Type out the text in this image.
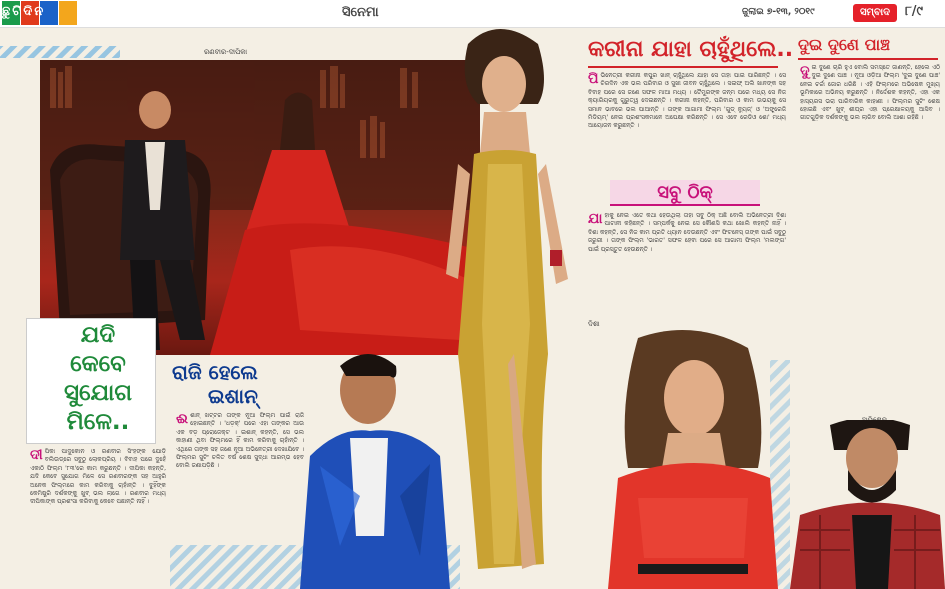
ଛୁଟିଦିନ	ସିନେମା	ଜୁଲାଇ ୭-୧୩, ୨୦୧୯	ସମ୍ବାଦ	୮/୯
ରଣବୀର-ଦୀପିକା
ଯଦି
କେବେ
ସୁଯୋଗ
ମିଳେ..
ଦୀପିକା ପାଦୁକୋନ ଓ ରଣବୀର ସିଂହଙ୍କ ଯୋଡ଼ି ବଲିଉଡ୍‌ରେ ସବୁଠୁ ଲୋକପ୍ରିୟ । ବିବାହ ପରେ ଦୁହେଁ ଏକାଠି ଫିଲ୍ମ '୮୩'ରେ କାମ କରୁଛନ୍ତି । ଦୀପିକା କହନ୍ତି, ଯଦି କେବେ ସୁଯୋଗ ମିଳେ ସେ ରଣବୀରଙ୍କ ସହ ଆହୁରି ଅନେକ ଫିଲ୍ମରେ କାମ କରିବାକୁ ଚାହାଁନ୍ତି । ଦୁହିଁଙ୍କ କେମିଷ୍ଟ୍ରି ଦର୍ଶକଙ୍କୁ ଖୁବ୍ ଭଲ ଲାଗେ । ରଣବୀର ମଧ୍ୟ ଦୀପିକାଙ୍କ ପ୍ରଶଂସା କରିବାକୁ କେବେ ପଛାନ୍ତି ନାହିଁ ।
ରାଜି ହେଲେ
ଇଶାନ୍
ଈଶାନ୍ ଖଟ୍ଟର ତାଙ୍କ ନୂଆ ଫିଲ୍ମ ପାଇଁ ରାଜି ହୋଇଛନ୍ତି । 'ଧଡ଼କ୍' ପରେ ଏହା ତାଙ୍କର ଆଉ ଏକ ବଡ଼ ପ୍ରୋଜେକ୍ଟ । ଇଶାନ୍ କହନ୍ତି, ସେ ଭଲ କାହାଣୀ ଥିବା ଫିଲ୍ମରେ ହିଁ କାମ କରିବାକୁ ଚାହାଁନ୍ତି । ଏଥିରେ ତାଙ୍କ ସହ ଜଣେ ନୂଆ ଅଭିନେତ୍ରୀ ଦେଖାଯିବେ । ଫିଲ୍ମର ସୁଟିଂ ଚଳିତ ବର୍ଷ ଶେଷ ସୁଦ୍ଧା ଆରମ୍ଭ ହେବ ବୋଲି ଜଣାପଡ଼ିଛି ।
କରୀନା ଯାହା ଚାହୁଁଥିଲେ..
ପିଭିନେତ୍ରୀ କରୀନା କପୁର ଖାନ୍ ଚାହୁଁଥିଲେ ଯାହା ସେ ତାହା ପାଇ ପାରିଛନ୍ତି । ସେ ଚିରଦିନ ଏକ ଭଲ ପରିବାର ଓ ସୁଖୀ ଜୀବନ ଚାହୁଁଥିଲେ । ସଇଫ୍ ଅଲି ଖାନଙ୍କ ସହ ବିବାହ ପରେ ସେ ଜଣେ ସଫଳ ମାଆ ମଧ୍ୟ । ତୈମୁରଙ୍କ ଜନ୍ମ ପରେ ମଧ୍ୟ ସେ ନିଜ କ୍ୟାରିୟରକୁ ଗୁରୁତ୍ୱ ଦେଇଛନ୍ତି । କରୀନା କହନ୍ତି, ପରିବାର ଓ କାମ ଉଭୟକୁ ସେ ସମାନ ଭାବରେ ଭଲ ପାଆନ୍ତି । ତାଙ୍କ ଆଗାମୀ ଫିଲ୍ମ 'ଗୁଡ୍ ନ୍ୟୁଜ୍' ଓ 'ଅଙ୍ଗ୍ରେଜି ମିଡିୟମ୍' ନେଇ ପ୍ରଶଂସକମାନେ ଅପେକ୍ଷା କରିଛନ୍ତି । ସେ ଏବେ ରେଡିଓ ଶୋ' ମଧ୍ୟ ଆୟୋଜନ କରୁଛନ୍ତି ।
ସବୁ ଠିକ୍
ଯାହାକୁ ନେଇ ଏତେ କଥା ହେଉଥିଲା ତାହା ସବୁ ଠିକ୍ ଅଛି ବୋଲି ଅଭିନେତ୍ରୀ ଦିଶା ପାଟାନୀ କହିଛନ୍ତି । ସମ୍ପର୍କକୁ ନେଇ ସେ କୌଣସି କଥା ଖୋଲି କହନ୍ତି ନାହିଁ । ଦିଶା କହନ୍ତି, ସେ ନିଜ କାମ ପ୍ରତି ଧ୍ୟାନ ଦେଉଛନ୍ତି ଏବଂ ଫିଟନେସ୍ ତାଙ୍କ ପାଇଁ ସବୁଠୁ ଜରୁରୀ । ତାଙ୍କ ଫିଲ୍ମ 'ଭାରତ' ସଫଳ ହେବା ପରେ ସେ ଆଗାମୀ ଫିଲ୍ମ 'ମଲଙ୍ଗ' ପାଇଁ ପ୍ରସ୍ତୁତ ହେଉଛନ୍ତି ।
ଦିଶା
ଦୁଇ ଦୁଣେ ପାଞ୍ଚ
ଦୁଇ ଦୁଣେ ଚାରି ହୁଏ ବୋଲି ସମସ୍ତେ ଜାଣନ୍ତି, ହେଲେ ଏଠି ଦୁଇ ଦୁଣେ ପାଞ୍ଚ । ନୂଆ ଓଡ଼ିଆ ଫିଲ୍ମ 'ଦୁଇ ଦୁଣେ ପାଞ୍ଚ' ନେଇ ଚର୍ଚ୍ଚା ଜୋର ଧରିଛି । ଏହି ଫିଲ୍ମରେ ଅଭିଷେକ ମୁଖ୍ୟ ଭୂମିକାରେ ଅଭିନୟ କରୁଛନ୍ତି । ନିର୍ଦ୍ଦେଶକ କହନ୍ତି, ଏହା ଏକ ହାସ୍ୟରସ ଭରା ପାରିବାରିକ କାହାଣୀ । ଫିଲ୍ମର ସୁଟିଂ ଶେଷ ହୋଇଛି ଏବଂ ଖୁବ୍ ଶୀଘ୍ର ଏହା ପ୍ରେକ୍ଷାଳୟକୁ ଆସିବ । ଗୀତଗୁଡ଼ିକ ଦର୍ଶକଙ୍କୁ ଭଲ ଲାଗିବ ବୋଲି ଆଶା ରହିଛି ।
